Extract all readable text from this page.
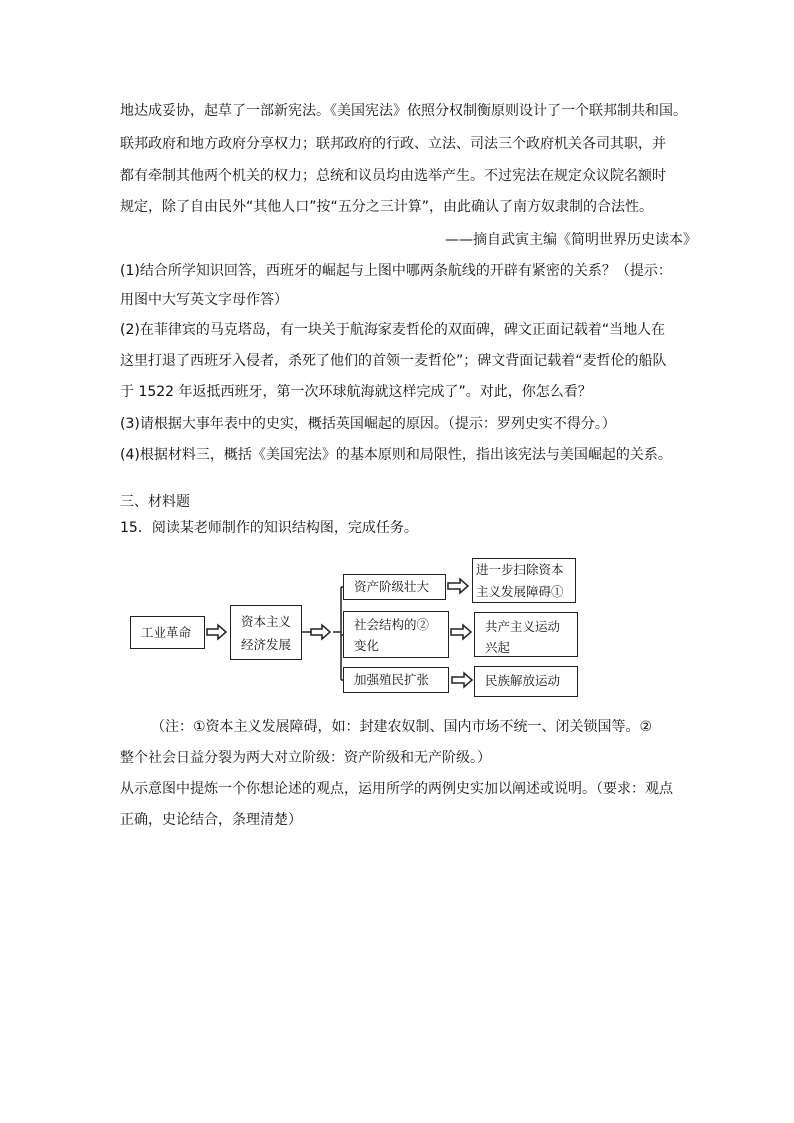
地达成妥协，起草了一部新宪法。《美国宪法》依照分权制衡原则设计了一个联邦制共和国。
联邦政府和地方政府分享权力；联邦政府的行政、立法、司法三个政府机关各司其职，并
都有牵制其他两个机关的权力；总统和议员均由选举产生。不过宪法在规定众议院名额时
规定，除了自由民外“其他人口”按“五分之三计算”，由此确认了南方奴隶制的合法性。
——摘自武寅主编《简明世界历史读本》
(1)结合所学知识回答，西班牙的崛起与上图中哪两条航线的开辟有紧密的关系？（提示：
用图中大写英文字母作答）
(2)在菲律宾的马克塔岛，有一块关于航海家麦哲伦的双面碑，碑文正面记载着“当地人在
这里打退了西班牙入侵者，杀死了他们的首领一麦哲伦”；碑文背面记载着“麦哲伦的船队
于 1522 年返抵西班牙，第一次环球航海就这样完成了”。对此，你怎么看？
(3)请根据大事年表中的史实，概括英国崛起的原因。（提示：罗列史实不得分。）
(4)根据材料三，概括《美国宪法》的基本原则和局限性，指出该宪法与美国崛起的关系。
三、材料题
15．阅读某老师制作的知识结构图，完成任务。
工业革命
资本主义
经济发展
资产阶级壮大
社会结构的②
变化
加强殖民扩张
进一步扫除资本
主义发展障碍①
共产主义运动
兴起
民族解放运动
（注：①资本主义发展障碍，如：封建农奴制、国内市场不统一、闭关锁国等。②
整个社会日益分裂为两大对立阶级：资产阶级和无产阶级。）
从示意图中提炼一个你想论述的观点，运用所学的两例史实加以阐述或说明。（要求：观点
正确，史论结合，条理清楚）
